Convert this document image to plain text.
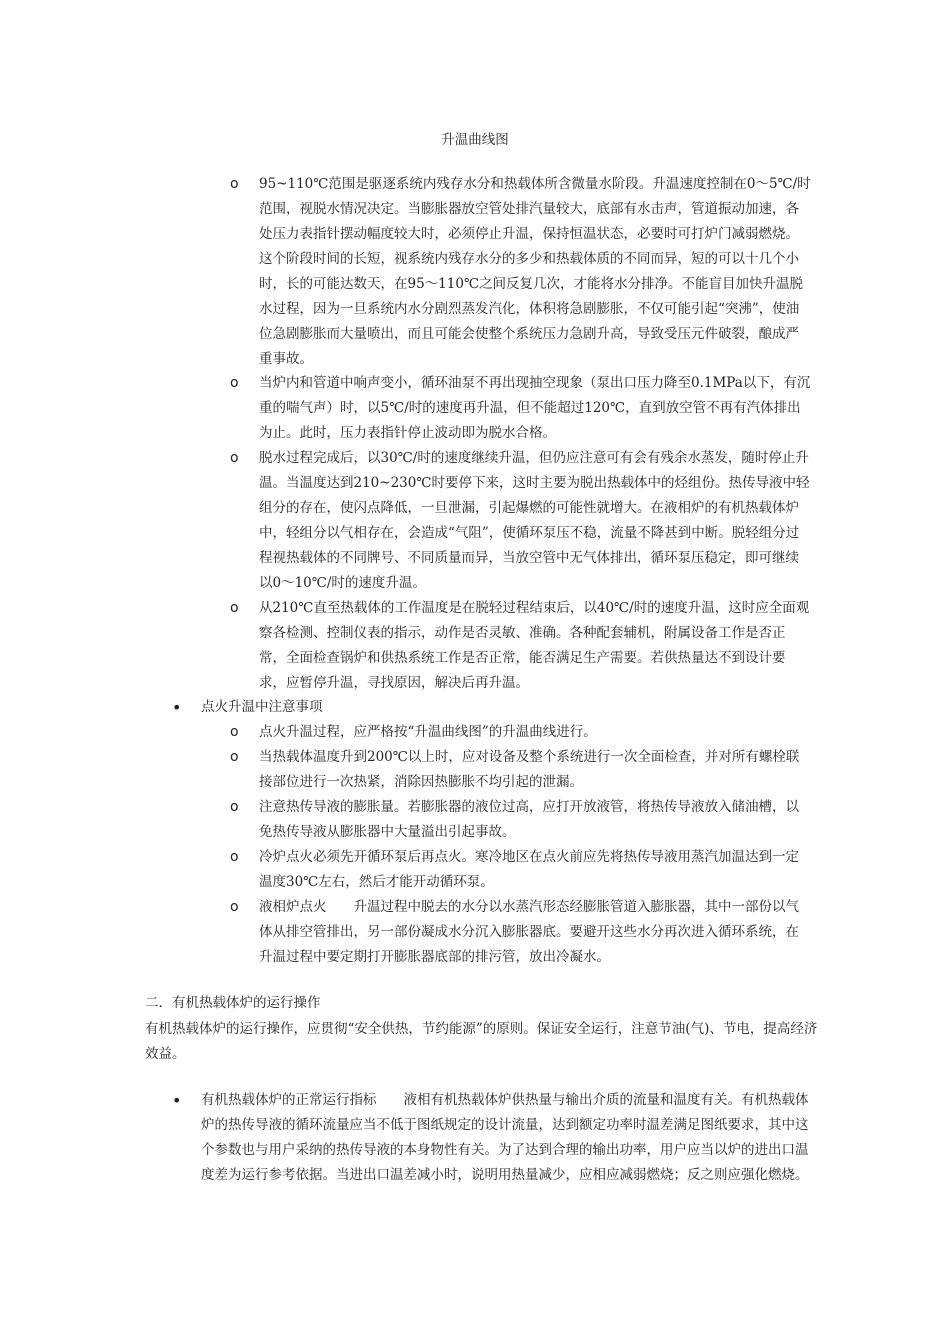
升温曲线图
o 95~110℃范围是驱逐系统内残存水分和热载体所含微量水阶段。升温速度控制在0～5℃/时范围，视脱水情况决定。当膨胀器放空管处排汽量较大，底部有水击声，管道振动加速，各处压力表指针摆动幅度较大时，必须停止升温，保持恒温状态，必要时可打炉门减弱燃烧。这个阶段时间的长短，视系统内残存水分的多少和热载体质的不同而异，短的可以十几个小时，长的可能达数天，在95～110℃之间反复几次，才能将水分排净。不能盲目加快升温脱水过程，因为一旦系统内水分剧烈蒸发汽化，体积将急剧膨胀，不仅可能引起“突沸”，使油位急剧膨胀而大量喷出，而且可能会使整个系统压力急剧升高，导致受压元件破裂，酿成严重事故。
o 当炉内和管道中响声变小，循环油泵不再出现抽空现象（泵出口压力降至0.1MPa以下，有沉重的喘气声）时，以5℃/时的速度再升温，但不能超过120℃，直到放空管不再有汽体排出为止。此时，压力表指针停止波动即为脱水合格。
o 脱水过程完成后，以30℃/时的速度继续升温，但仍应注意可有会有残余水蒸发，随时停止升温。当温度达到210~230℃时要停下来，这时主要为脱出热载体中的烃组份。热传导液中轻组分的存在，使闪点降低，一旦泄漏，引起爆燃的可能性就增大。在液相炉的有机热载体炉中，轻组分以气相存在，会造成“气阻”，使循环泵压不稳，流量不降甚到中断。脱轻组分过程视热载体的不同牌号、不同质量而异，当放空管中无气体排出，循环泵压稳定，即可继续以0～10℃/时的速度升温。
o 从210℃直至热载体的工作温度是在脱轻过程结束后，以40℃/时的速度升温，这时应全面观察各检测、控制仪表的指示，动作是否灵敏、准确。各种配套辅机，附属设备工作是否正常，全面检查锅炉和供热系统工作是否正常，能否满足生产需要。若供热量达不到设计要求，应暂停升温，寻找原因，解决后再升温。
• 点火升温中注意事项
o 点火升温过程，应严格按“升温曲线图”的升温曲线进行。
o 当热载体温度升到200℃以上时，应对设备及整个系统进行一次全面检查，并对所有螺栓联接部位进行一次热紧，消除因热膨胀不均引起的泄漏。
o 注意热传导液的膨胀量。若膨胀器的液位过高，应打开放液管，将热传导液放入储油槽，以免热传导液从膨胀器中大量溢出引起事故。
o 冷炉点火必须先开循环泵后再点火。寒冷地区在点火前应先将热传导液用蒸汽加温达到一定温度30℃左右，然后才能开动循环泵。
o 液相炉点火　　升温过程中脱去的水分以水蒸汽形态经膨胀管道入膨胀器，其中一部份以气体从排空管排出，另一部份凝成水分沉入膨胀器底。要避开这些水分再次进入循环系统，在升温过程中要定期打开膨胀器底部的排污管，放出冷凝水。
二．有机热载体炉的运行操作
有机热载体炉的运行操作，应贯彻“安全供热，节约能源”的原则。保证安全运行，注意节油(气)、节电，提高经济效益。
• 有机热载体炉的正常运行指标　　液相有机热载体炉供热量与输出介质的流量和温度有关。有机热载体炉的热传导液的循环流量应当不低于图纸规定的设计流量，达到额定功率时温差满足图纸要求，其中这个参数也与用户采纳的热传导液的本身物性有关。为了达到合理的输出功率，用户应当以炉的进出口温度差为运行参考依据。当进出口温差减小时，说明用热量减少，应相应减弱燃烧；反之则应强化燃烧。
